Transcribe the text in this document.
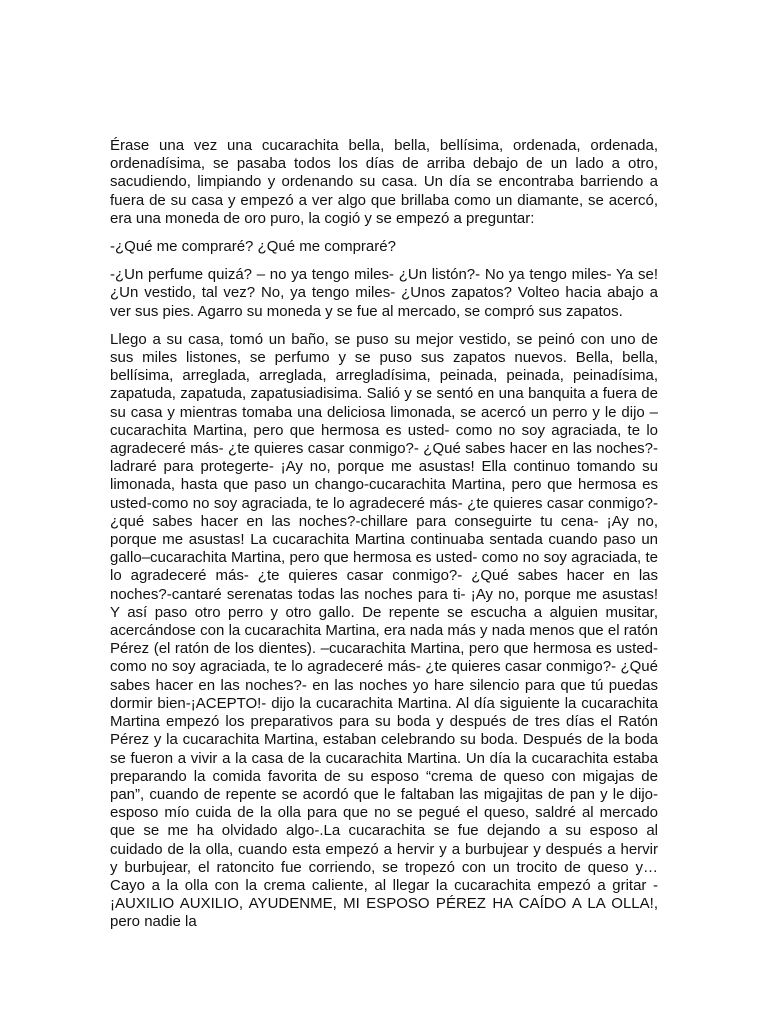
Érase una vez una cucarachita bella, bella, bellísima, ordenada, ordenada, ordenadísima, se pasaba todos los días de arriba debajo de un lado a otro, sacudiendo, limpiando y ordenando su casa. Un día se encontraba barriendo a fuera de su casa y empezó a ver algo que brillaba como un diamante, se acercó, era una moneda de oro puro, la cogió y se empezó a preguntar:

-¿Qué me compraré? ¿Qué me compraré?

-¿Un perfume quizá? – no ya tengo miles- ¿Un listón?- No ya tengo miles- Ya se! ¿Un vestido, tal vez? No, ya tengo miles- ¿Unos zapatos? Volteo hacia abajo a ver sus pies. Agarro su moneda y se fue al mercado, se compró sus zapatos.

Llego a su casa, tomó un baño, se puso su mejor vestido, se peinó con uno de sus miles listones, se perfumo y se puso sus zapatos nuevos. Bella, bella, bellísima, arreglada, arreglada, arregladísima, peinada, peinada, peinadísima, zapatuda, zapatuda, zapatusiadisima. Salió y se sentó en una banquita a fuera de su casa y mientras tomaba una deliciosa limonada, se acercó un perro y le dijo –cucarachita Martina, pero que hermosa es usted- como no soy agraciada, te lo agradeceré más- ¿te quieres casar conmigo?- ¿Qué sabes hacer en las noches?-ladraré para protegerte- ¡Ay no, porque me asustas! Ella continuo tomando su limonada, hasta que paso un chango-cucarachita Martina, pero que hermosa es usted-como no soy agraciada, te lo agradeceré más- ¿te quieres casar conmigo?- ¿qué sabes hacer en las noches?-chillare para conseguirte tu cena- ¡Ay no, porque me asustas! La cucarachita Martina continuaba sentada cuando paso un gallo–cucarachita Martina, pero que hermosa es usted- como no soy agraciada, te lo agradeceré más- ¿te quieres casar conmigo?- ¿Qué sabes hacer en las noches?-cantaré serenatas todas las noches para ti- ¡Ay no, porque me asustas! Y así paso otro perro y otro gallo. De repente se escucha a alguien musitar, acercándose con la cucarachita Martina, era nada más y nada menos que el ratón Pérez (el ratón de los dientes). –cucarachita Martina, pero que hermosa es usted- como no soy agraciada, te lo agradeceré más- ¿te quieres casar conmigo?- ¿Qué sabes hacer en las noches?- en las noches yo hare silencio para que tú puedas dormir bien-¡ACEPTO!- dijo la cucarachita Martina. Al día siguiente la cucarachita Martina empezó los preparativos para su boda y después de tres días el Ratón Pérez y la cucarachita Martina, estaban celebrando su boda. Después de la boda se fueron a vivir a la casa de la cucarachita Martina. Un día la cucarachita estaba preparando la comida favorita de su esposo “crema de queso con migajas de pan”, cuando de repente se acordó que le faltaban las migajitas de pan y le dijo-esposo mío cuida de la olla para que no se pegué el queso, saldré al mercado que se me ha olvidado algo-.La cucarachita se fue dejando a su esposo al cuidado de la olla, cuando esta empezó a hervir y a burbujear y después a hervir y burbujear, el ratoncito fue corriendo, se tropezó con un trocito de queso y… Cayo a la olla con la crema caliente, al llegar la cucarachita empezó a gritar -¡AUXILIO AUXILIO, AYUDENME, MI ESPOSO PÉREZ HA CAÍDO A LA OLLA!, pero nadie la
